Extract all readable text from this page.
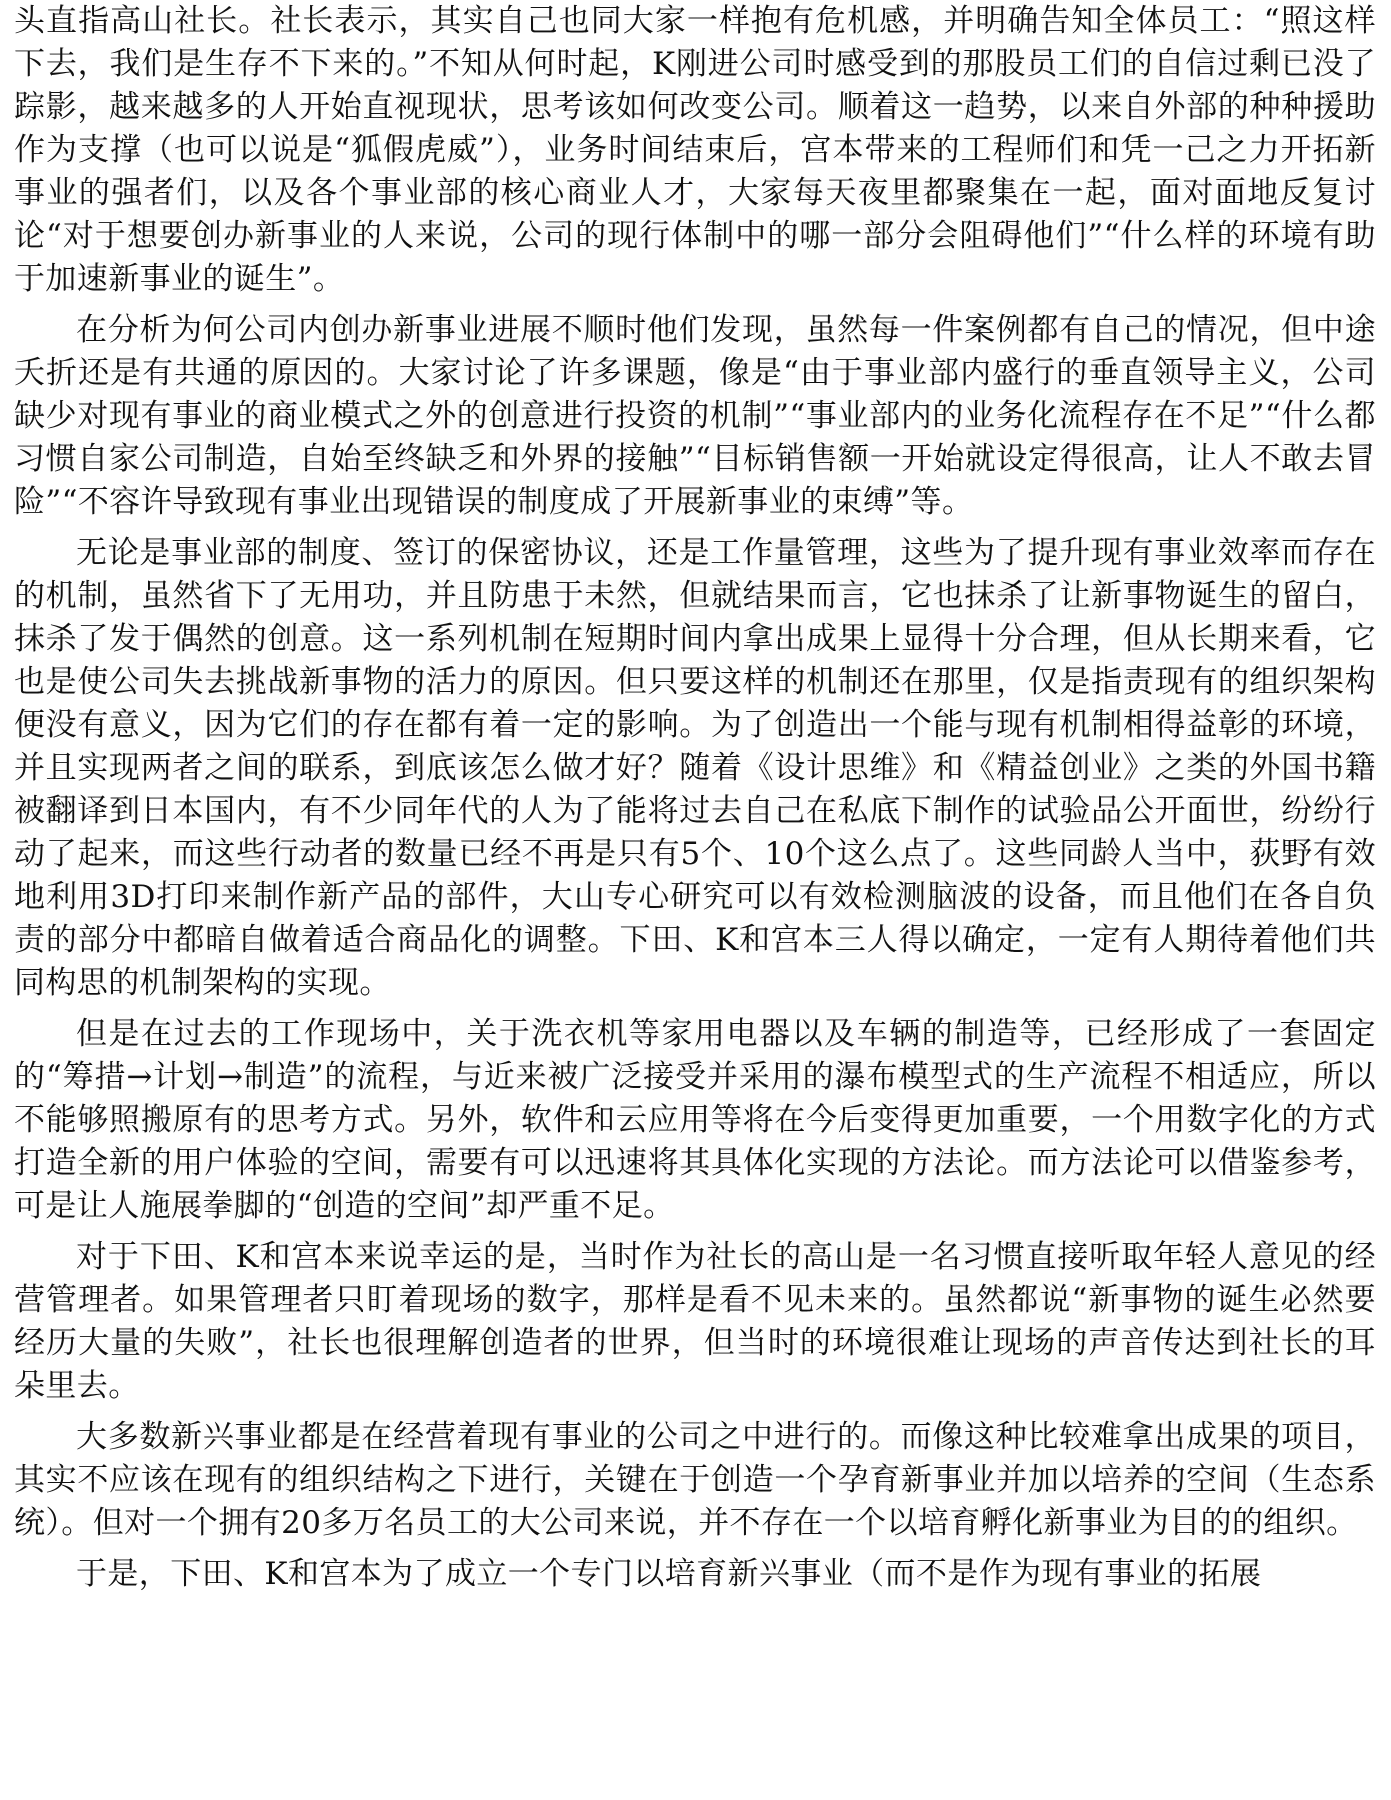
头直指高山社长。社长表示，其实自己也同大家一样抱有危机感，并明确告知全体员工：“照这样下去，我们是生存不下来的。”不知从何时起，K刚进公司时感受到的那股员工们的自信过剩已没了踪影，越来越多的人开始直视现状，思考该如何改变公司。顺着这一趋势，以来自外部的种种援助作为支撑（也可以说是“狐假虎威”），业务时间结束后，宫本带来的工程师们和凭一己之力开拓新事业的强者们，以及各个事业部的核心商业人才，大家每天夜里都聚集在一起，面对面地反复讨论“对于想要创办新事业的人来说，公司的现行体制中的哪一部分会阻碍他们”“什么样的环境有助于加速新事业的诞生”。

在分析为何公司内创办新事业进展不顺时他们发现，虽然每一件案例都有自己的情况，但中途夭折还是有共通的原因的。大家讨论了许多课题，像是“由于事业部内盛行的垂直领导主义，公司缺少对现有事业的商业模式之外的创意进行投资的机制”“事业部内的业务化流程存在不足”“什么都习惯自家公司制造，自始至终缺乏和外界的接触”“目标销售额一开始就设定得很高，让人不敢去冒险”“不容许导致现有事业出现错误的制度成了开展新事业的束缚”等。

无论是事业部的制度、签订的保密协议，还是工作量管理，这些为了提升现有事业效率而存在的机制，虽然省下了无用功，并且防患于未然，但就结果而言，它也抹杀了让新事物诞生的留白，抹杀了发于偶然的创意。这一系列机制在短期时间内拿出成果上显得十分合理，但从长期来看，它也是使公司失去挑战新事物的活力的原因。但只要这样的机制还在那里，仅是指责现有的组织架构便没有意义，因为它们的存在都有着一定的影响。为了创造出一个能与现有机制相得益彰的环境，并且实现两者之间的联系，到底该怎么做才好？随着《设计思维》和《精益创业》之类的外国书籍被翻译到日本国内，有不少同年代的人为了能将过去自己在私底下制作的试验品公开面世，纷纷行动了起来，而这些行动者的数量已经不再是只有5个、10个这么点了。这些同龄人当中，荻野有效地利用3D打印来制作新产品的部件，大山专心研究可以有效检测脑波的设备，而且他们在各自负责的部分中都暗自做着适合商品化的调整。下田、K和宫本三人得以确定，一定有人期待着他们共同构思的机制架构的实现。

但是在过去的工作现场中，关于洗衣机等家用电器以及车辆的制造等，已经形成了一套固定的“筹措→计划→制造”的流程，与近来被广泛接受并采用的瀑布模型式的生产流程不相适应，所以不能够照搬原有的思考方式。另外，软件和云应用等将在今后变得更加重要，一个用数字化的方式打造全新的用户体验的空间，需要有可以迅速将其具体化实现的方法论。而方法论可以借鉴参考，可是让人施展拳脚的“创造的空间”却严重不足。

对于下田、K和宫本来说幸运的是，当时作为社长的高山是一名习惯直接听取年轻人意见的经营管理者。如果管理者只盯着现场的数字，那样是看不见未来的。虽然都说“新事物的诞生必然要经历大量的失败”，社长也很理解创造者的世界，但当时的环境很难让现场的声音传达到社长的耳朵里去。

大多数新兴事业都是在经营着现有事业的公司之中进行的。而像这种比较难拿出成果的项目，其实不应该在现有的组织结构之下进行，关键在于创造一个孕育新事业并加以培养的空间（生态系统）。但对一个拥有20多万名员工的大公司来说，并不存在一个以培育孵化新事业为目的的组织。

于是，下田、K和宫本为了成立一个专门以培育新兴事业（而不是作为现有事业的拓展
